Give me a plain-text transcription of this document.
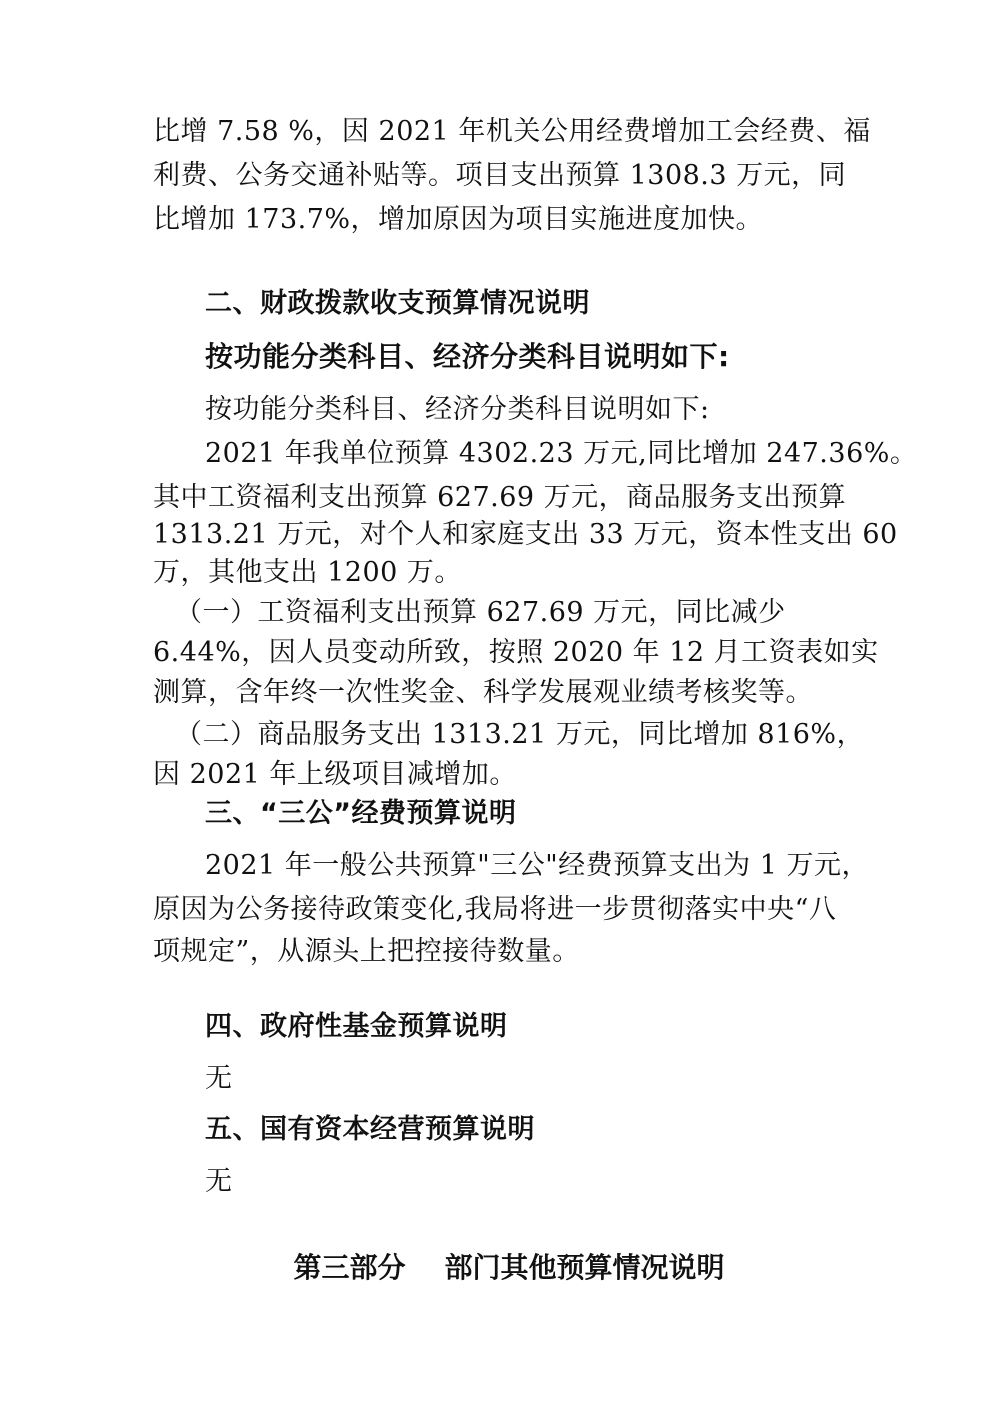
比增 7.58 %，因 2021 年机关公用经费增加工会经费、福

利费、公务交通补贴等。项目支出预算 1308.3 万元，同

比增加 173.7%，增加原因为项目实施进度加快。

二、财政拨款收支预算情况说明
按功能分类科目、经济分类科目说明如下:

按功能分类科目、经济分类科目说明如下:

2021 年我单位预算 4302.23 万元,同比增加 247.36%。

其中工资福利支出预算 627.69 万元，商品服务支出预算

1313.21 万元，对个人和家庭支出 33 万元，资本性支出 60

万，其他支出 1200 万。

（一）工资福利支出预算 627.69 万元，同比减少

6.44%，因人员变动所致，按照 2020 年 12 月工资表如实

测算，含年终一次性奖金、科学发展观业绩考核奖等。

（二）商品服务支出 1313.21 万元，同比增加 816%，

因 2021 年上级项目减增加。

三、“三公”经费预算说明

2021 年一般公共预算"三公"经费预算支出为 1 万元，

原因为公务接待政策变化,我局将进一步贯彻落实中央“八

项规定”，从源头上把控接待数量。

四、政府性基金预算说明

无

五、国有资本经营预算说明

无

第三部分    部门其他预算情况说明
